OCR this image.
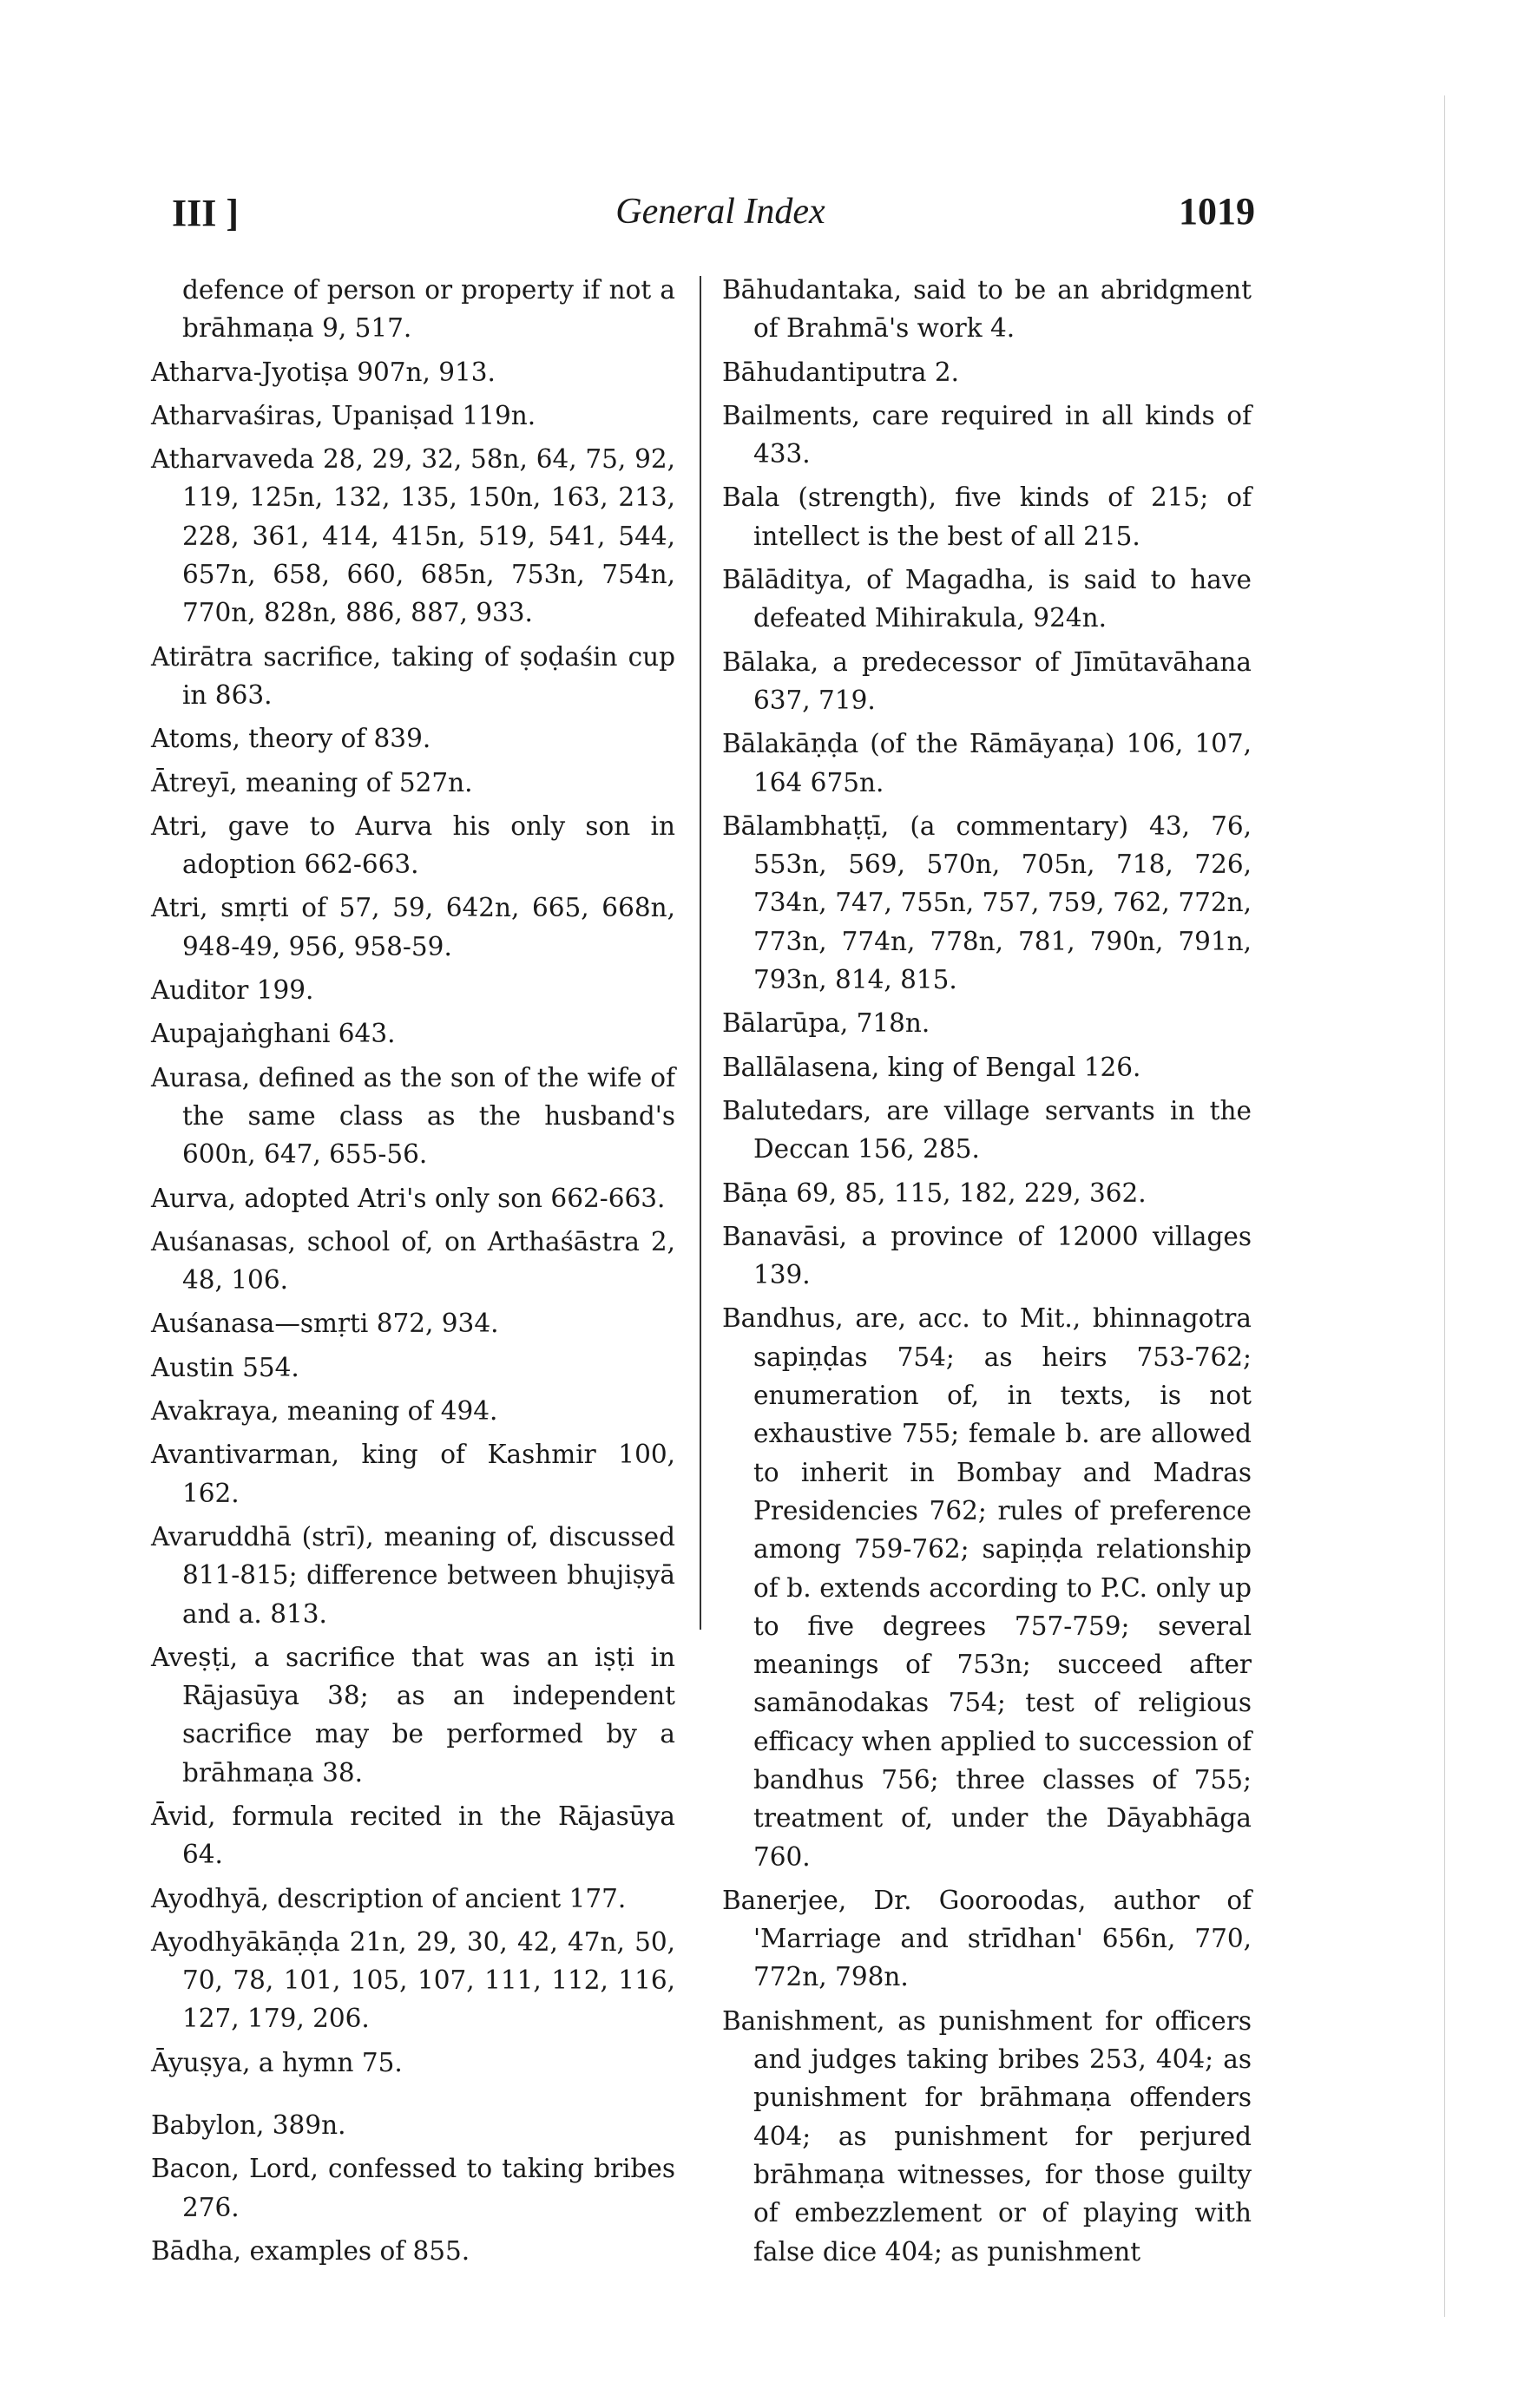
III ]	General Index	1019

defence of person or property if not a brāhmaṇa 9, 517.

Atharva-Jyotiṣa 907n, 913.

Atharvaśiras, Upaniṣad 119n.

Atharvaveda 28, 29, 32, 58n, 64, 75, 92, 119, 125n, 132, 135, 150n, 163, 213, 228, 361, 414, 415n, 519, 541, 544, 657n, 658, 660, 685n, 753n, 754n, 770n, 828n, 886, 887, 933.

Atirātra sacrifice, taking of ṣoḍaśin cup in 863.

Atoms, theory of 839.

Ātreyī, meaning of 527n.

Atri, gave to Aurva his only son in adoption 662-663.

Atri, smṛti of 57, 59, 642n, 665, 668n, 948-49, 956, 958-59.

Auditor 199.

Aupajaṅghani 643.

Aurasa, defined as the son of the wife of the same class as the husband's 600n, 647, 655-56.

Aurva, adopted Atri's only son 662-663.

Auśanasas, school of, on Arthaśāstra 2, 48, 106.

Auśanasa—smṛti 872, 934.

Austin 554.

Avakraya, meaning of 494.

Avantivarman, king of Kashmir 100, 162.

Avaruddhā (strī), meaning of, discussed 811-815; difference between bhujiṣyā and a. 813.

Aveṣṭi, a sacrifice that was an iṣṭi in Rājasūya 38; as an independent sacrifice may be performed by a brāhmaṇa 38.

Āvid, formula recited in the Rājasūya 64.

Ayodhyā, description of ancient 177.

Ayodhyākāṇḍa 21n, 29, 30, 42, 47n, 50, 70, 78, 101, 105, 107, 111, 112, 116, 127, 179, 206.

Āyuṣya, a hymn 75.

Babylon, 389n.

Bacon, Lord, confessed to taking bribes 276.

Bādha, examples of 855.

Bāhudantaka, said to be an abridgment of Brahmā's work 4.

Bāhudantiputra 2.

Bailments, care required in all kinds of 433.

Bala (strength), five kinds of 215; of intellect is the best of all 215.

Bālāditya, of Magadha, is said to have defeated Mihirakula, 924n.

Bālaka, a predecessor of Jīmūtavāhana 637, 719.

Bālakāṇḍa (of the Rāmāyaṇa) 106, 107, 164 675n.

Bālambhaṭṭī, (a commentary) 43, 76, 553n, 569, 570n, 705n, 718, 726, 734n, 747, 755n, 757, 759, 762, 772n, 773n, 774n, 778n, 781, 790n, 791n, 793n, 814, 815.

Bālarūpa, 718n.

Ballālasena, king of Bengal 126.

Balutedars, are village servants in the Deccan 156, 285.

Bāṇa 69, 85, 115, 182, 229, 362.

Banavāsi, a province of 12000 villages 139.

Bandhus, are, acc. to Mit., bhinnagotra sapiṇḍas 754; as heirs 753-762; enumeration of, in texts, is not exhaustive 755; female b. are allowed to inherit in Bombay and Madras Presidencies 762; rules of preference among 759-762; sapiṇḍa relationship of b. extends according to P.C. only up to five degrees 757-759; several meanings of 753n; succeed after samānodakas 754; test of religious efficacy when applied to succession of bandhus 756; three classes of 755; treatment of, under the Dāyabhāga 760.

Banerjee, Dr. Gooroodas, author of 'Marriage and strīdhan' 656n, 770, 772n, 798n.

Banishment, as punishment for officers and judges taking bribes 253, 404; as punishment for brāhmaṇa offenders 404; as punishment for perjured brāhmaṇa witnesses, for those guilty of embezzlement or of playing with false dice 404; as punishment
